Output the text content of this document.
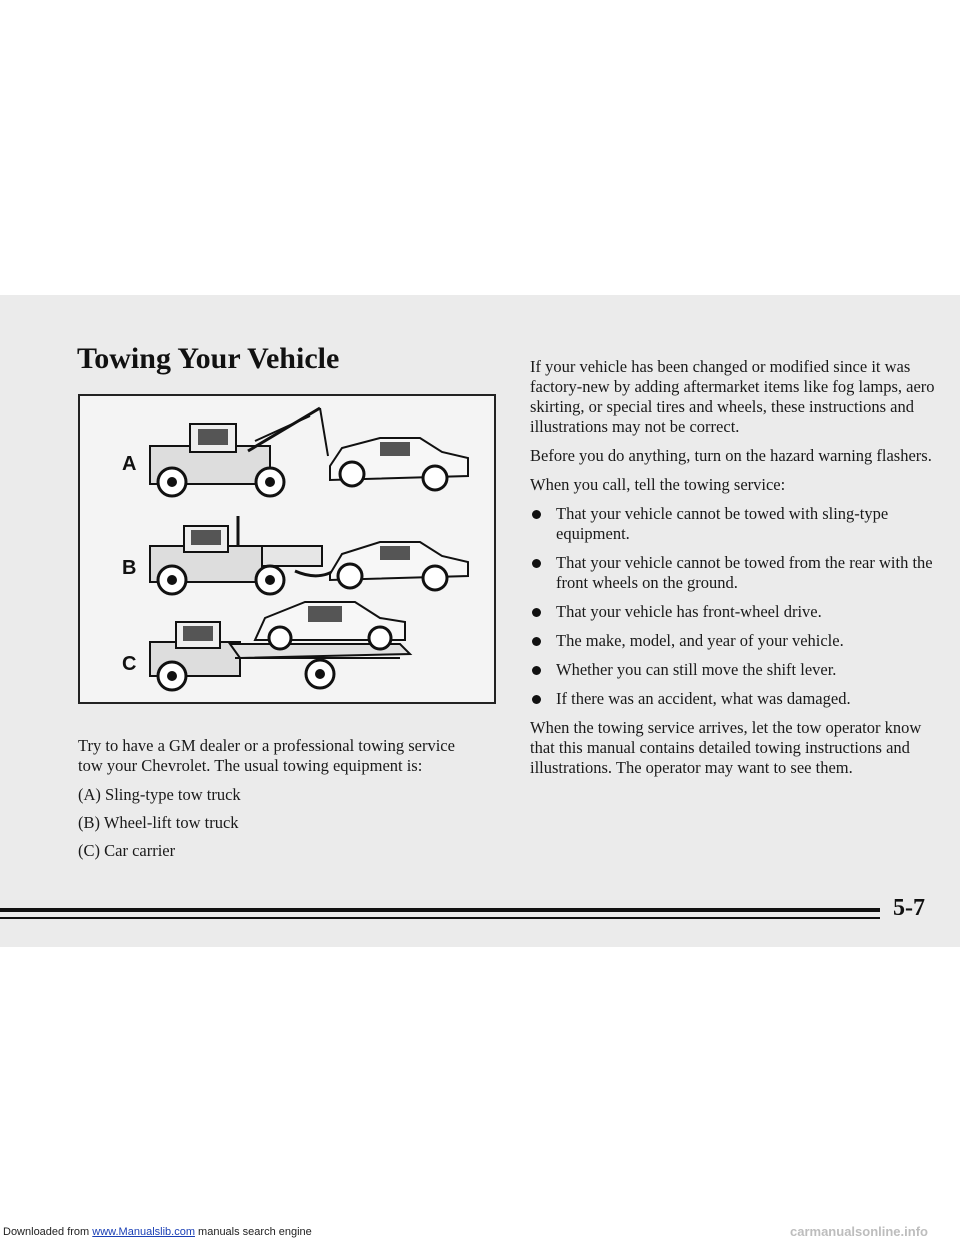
Towing Your Vehicle
A
B
C

Try to have a GM dealer or a professional towing service tow your Chevrolet. The usual towing equipment is:

(A) Sling-type tow truck

(B) Wheel-lift tow truck

(C) Car carrier

If your vehicle has been changed or modified since it was factory-new by adding aftermarket items like fog lamps, aero skirting, or special tires and wheels, these instructions and illustrations may not be correct.

Before you do anything, turn on the hazard warning flashers.

When you call, tell the towing service:

That your vehicle cannot be towed with sling-type equipment.
That your vehicle cannot be towed from the rear with the front wheels on the ground.
That your vehicle has front-wheel drive.
The make, model, and year of your vehicle.
Whether you can still move the shift lever.
If there was an accident, what was damaged.

When the towing service arrives, let the tow operator know that this manual contains detailed towing instructions and illustrations. The operator may want to see them.

5-7
Downloaded from www.Manualslib.com manuals search engine	carmanualsonline.info
